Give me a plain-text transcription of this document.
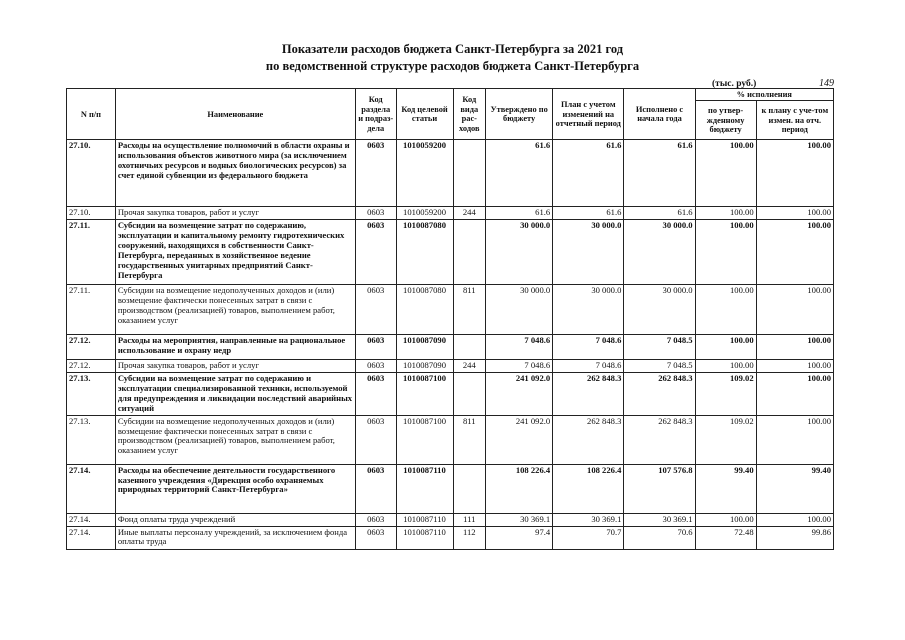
Показатели расходов бюджета Санкт-Петербурга за 2021 год
по ведомственной структуре расходов бюджета Санкт-Петербурга
(тыс. руб.)	149
N п/п	Наименование	Код раздела и подраз-дела	Код целевой статьи	Код вида рас-ходов	Утверждено по бюджету	План с учетом изменений на отчетный период	Исполнено с начала года	% исполнения	
								по утвер-жденному бюджету	к плану с уче-том измен. на отч. период
27.10.	Расходы на осуществление полномочий в области охраны и использования объектов животного мира (за исключением охотничьих ресурсов и водных биологических ресурсов) за счет единой субвенции из федерального бюджета	0603	1010059200		61.6	61.6	61.6	100.00	100.00
27.10.	Прочая закупка товаров, работ и услуг	0603	1010059200	244	61.6	61.6	61.6	100.00	100.00
27.11.	Субсидии на возмещение затрат по содержанию, эксплуатации и капитальному ремонту гидротехнических сооружений, находящихся в собственности Санкт-Петербурга, переданных в хозяйственное ведение государственных унитарных предприятий Санкт-Петербурга	0603	1010087080		30 000.0	30 000.0	30 000.0	100.00	100.00
27.11.	Субсидии на возмещение недополученных доходов и (или) возмещение фактически понесенных затрат в связи с производством (реализацией) товаров, выполнением работ, оказанием услуг	0603	1010087080	811	30 000.0	30 000.0	30 000.0	100.00	100.00
27.12.	Расходы на мероприятия, направленные на рациональное использование и охрану недр	0603	1010087090		7 048.6	7 048.6	7 048.5	100.00	100.00
27.12.	Прочая закупка товаров, работ и услуг	0603	1010087090	244	7 048.6	7 048.6	7 048.5	100.00	100.00
27.13.	Субсидии на возмещение затрат по содержанию и эксплуатации специализированной техники, используемой для предупреждения и ликвидации последствий аварийных ситуаций	0603	1010087100		241 092.0	262 848.3	262 848.3	109.02	100.00
27.13.	Субсидии на возмещение недополученных доходов и (или) возмещение фактически понесенных затрат в связи с производством (реализацией) товаров, выполнением работ, оказанием услуг	0603	1010087100	811	241 092.0	262 848.3	262 848.3	109.02	100.00
27.14.	Расходы на обеспечение деятельности государственного казенного учреждения «Дирекция особо охраняемых природных территорий Санкт-Петербурга»	0603	1010087110		108 226.4	108 226.4	107 576.8	99.40	99.40
27.14.	Фонд оплаты труда учреждений	0603	1010087110	111	30 369.1	30 369.1	30 369.1	100.00	100.00
27.14.	Иные выплаты персоналу учреждений, за исключением фонда оплаты труда	0603	1010087110	112	97.4	70.7	70.6	72.48	99.86
